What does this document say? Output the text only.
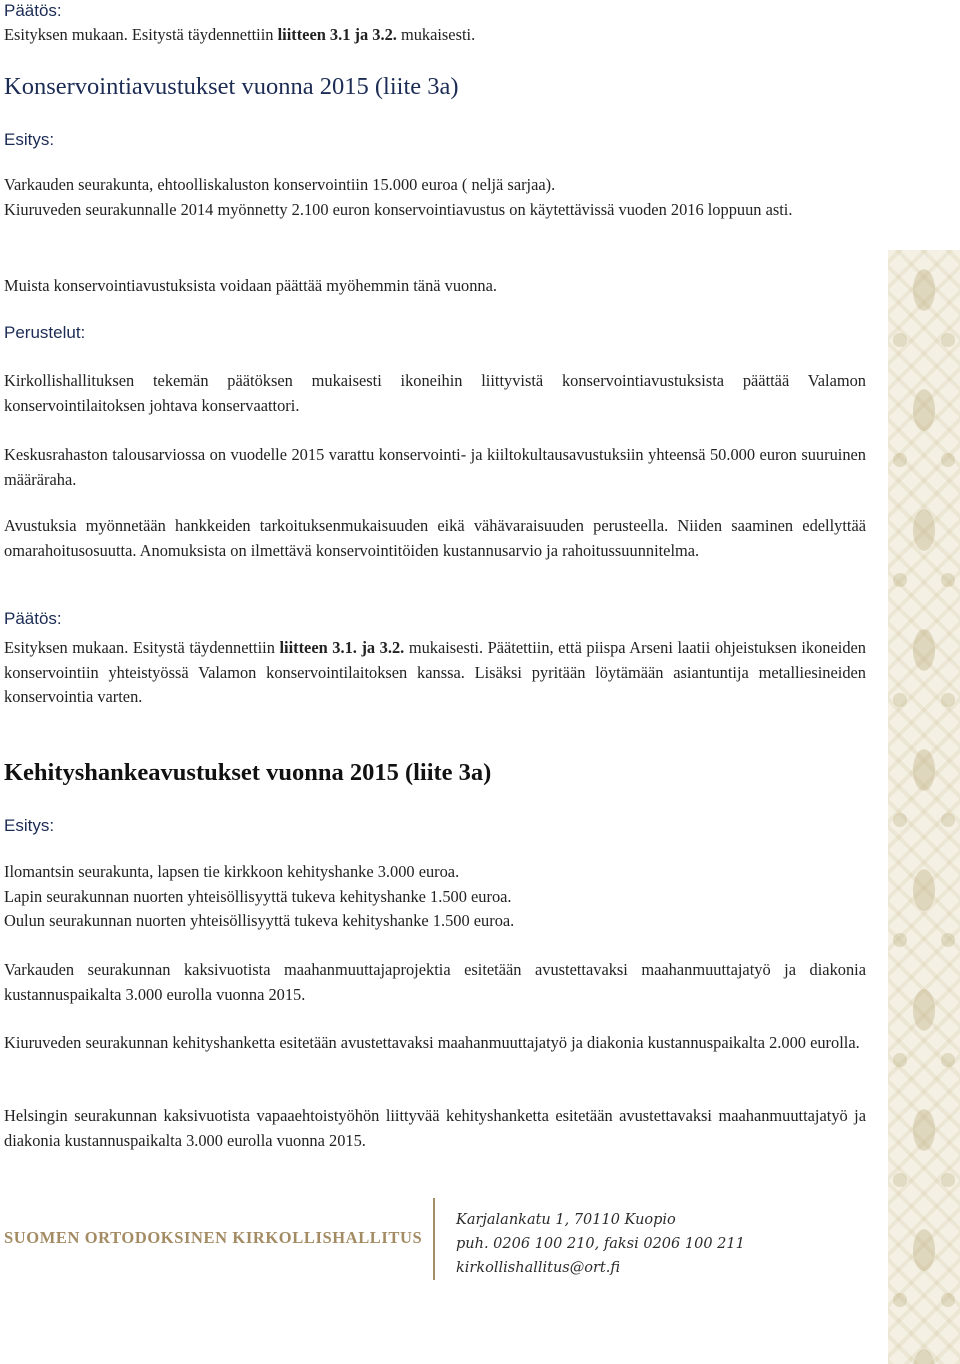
Päätös:

Esityksen mukaan. Esitystä täydennettiin liitteen 3.1 ja 3.2. mukaisesti.

Konservointiavustukset vuonna 2015 (liite 3a)

Esitys:

Varkauden seurakunta, ehtoolliskaluston konservointiin 15.000 euroa ( neljä sarjaa).

Kiuruveden seurakunnalle 2014 myönnetty 2.100 euron konservointiavustus on käytettävissä vuoden 2016 loppuun asti.

Muista konservointiavustuksista voidaan päättää myöhemmin tänä vuonna.

Perustelut:

Kirkollishallituksen tekemän päätöksen mukaisesti ikoneihin liittyvistä konservointiavustuksista päättää Valamon konservointilaitoksen johtava konservaattori.

Keskusrahaston talousarviossa on vuodelle 2015 varattu konservointi- ja kiiltokultausavustuksiin yhteensä 50.000 euron suuruinen määräraha.

Avustuksia myönnetään hankkeiden tarkoituksenmukaisuuden eikä vähävaraisuuden perusteella. Niiden saaminen edellyttää omarahoitusosuutta. Anomuksista on ilmettävä konservointitöiden kustannusarvio ja rahoitussuunnitelma.

Päätös:

Esityksen mukaan. Esitystä täydennettiin liitteen 3.1. ja 3.2. mukaisesti. Päätettiin, että piispa Arseni laatii ohjeistuksen ikoneiden konservointiin yhteistyössä Valamon konservointilaitoksen kanssa. Lisäksi pyritään löytämään asiantuntija metalliesineiden konservointia varten.

Kehityshankeavustukset vuonna 2015 (liite 3a)

Esitys:

Ilomantsin seurakunta, lapsen tie kirkkoon kehityshanke 3.000 euroa.

Lapin seurakunnan nuorten yhteisöllisyyttä tukeva kehityshanke 1.500 euroa.

Oulun seurakunnan nuorten yhteisöllisyyttä tukeva kehityshanke 1.500 euroa.

Varkauden seurakunnan kaksivuotista maahanmuuttajaprojektia esitetään avustettavaksi maahanmuuttajatyö ja diakonia kustannuspaikalta 3.000 eurolla vuonna 2015.

Kiuruveden seurakunnan kehityshanketta esitetään avustettavaksi maahanmuuttajatyö ja diakonia kustannuspaikalta 2.000 eurolla.

Helsingin seurakunnan kaksivuotista vapaaehtoistyöhön liittyvää kehityshanketta esitetään avustettavaksi maahanmuuttajatyö ja diakonia kustannuspaikalta 3.000 eurolla vuonna 2015.

SUOMEN ORTODOKSINEN KIRKOLLISHALLITUS
Karjalankatu 1, 70110 Kuopio
puh. 0206 100 210, faksi 0206 100 211
kirkollishallitus@ort.fi
